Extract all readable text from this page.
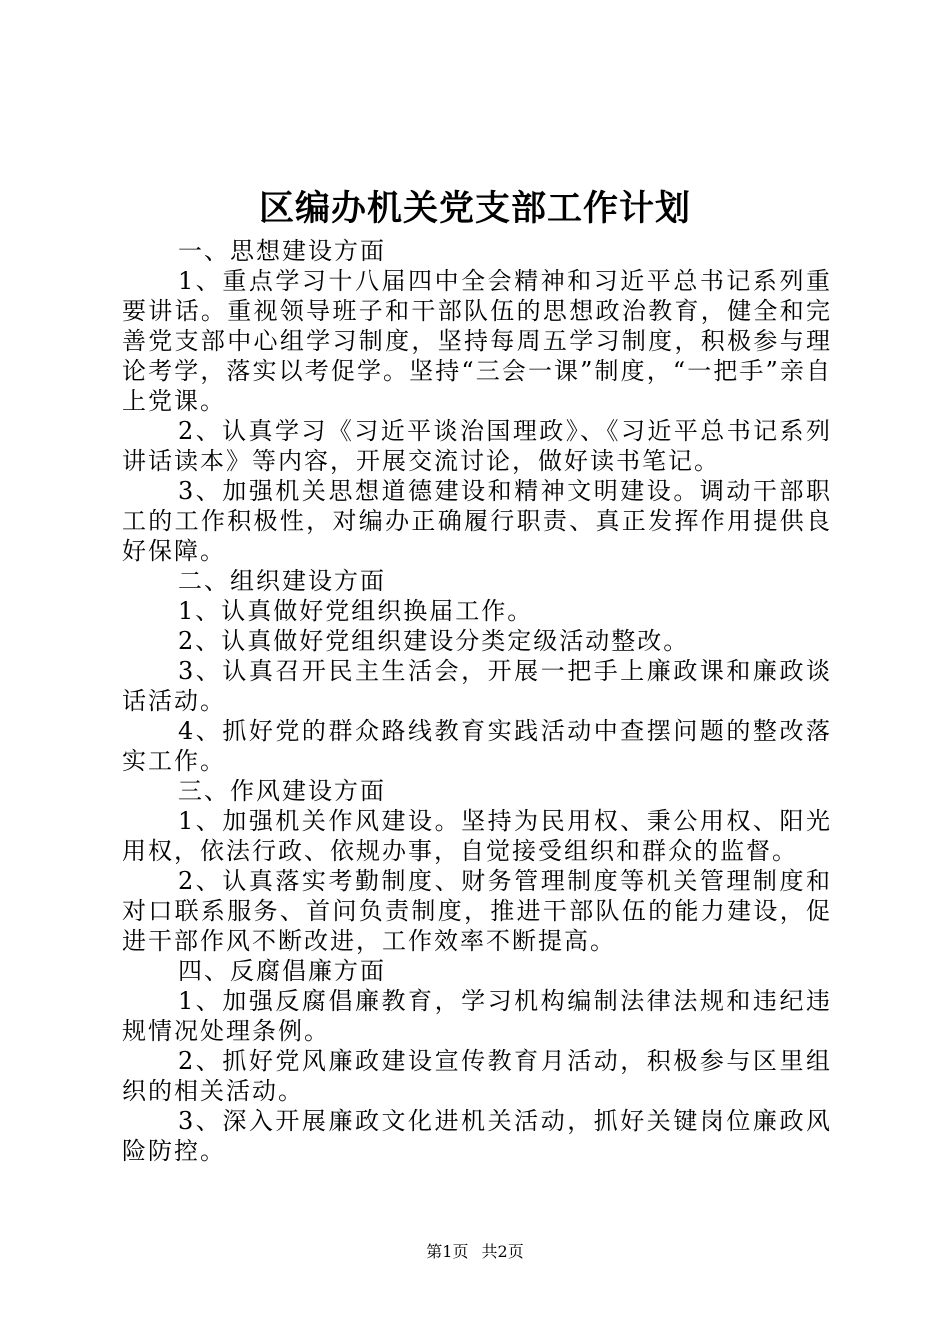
区编办机关党支部工作计划

一、思想建设方面

1、重点学习十八届四中全会精神和习近平总书记系列重要讲话。重视领导班子和干部队伍的思想政治教育，健全和完善党支部中心组学习制度，坚持每周五学习制度，积极参与理论考学，落实以考促学。坚持“三会一课”制度，“一把手”亲自上党课。

2、认真学习《习近平谈治国理政》、《习近平总书记系列讲话读本》等内容，开展交流讨论，做好读书笔记。

3、加强机关思想道德建设和精神文明建设。调动干部职工的工作积极性，对编办正确履行职责、真正发挥作用提供良好保障。

二、组织建设方面

1、认真做好党组织换届工作。

2、认真做好党组织建设分类定级活动整改。

3、认真召开民主生活会，开展一把手上廉政课和廉政谈话活动。

4、抓好党的群众路线教育实践活动中查摆问题的整改落实工作。

三、作风建设方面

1、加强机关作风建设。坚持为民用权、秉公用权、阳光用权，依法行政、依规办事，自觉接受组织和群众的监督。

2、认真落实考勤制度、财务管理制度等机关管理制度和对口联系服务、首问负责制度，推进干部队伍的能力建设，促进干部作风不断改进，工作效率不断提高。

四、反腐倡廉方面

1、加强反腐倡廉教育，学习机构编制法律法规和违纪违规情况处理条例。

2、抓好党风廉政建设宣传教育月活动，积极参与区里组织的相关活动。

3、深入开展廉政文化进机关活动，抓好关键岗位廉政风险防控。

第1页 共2页
